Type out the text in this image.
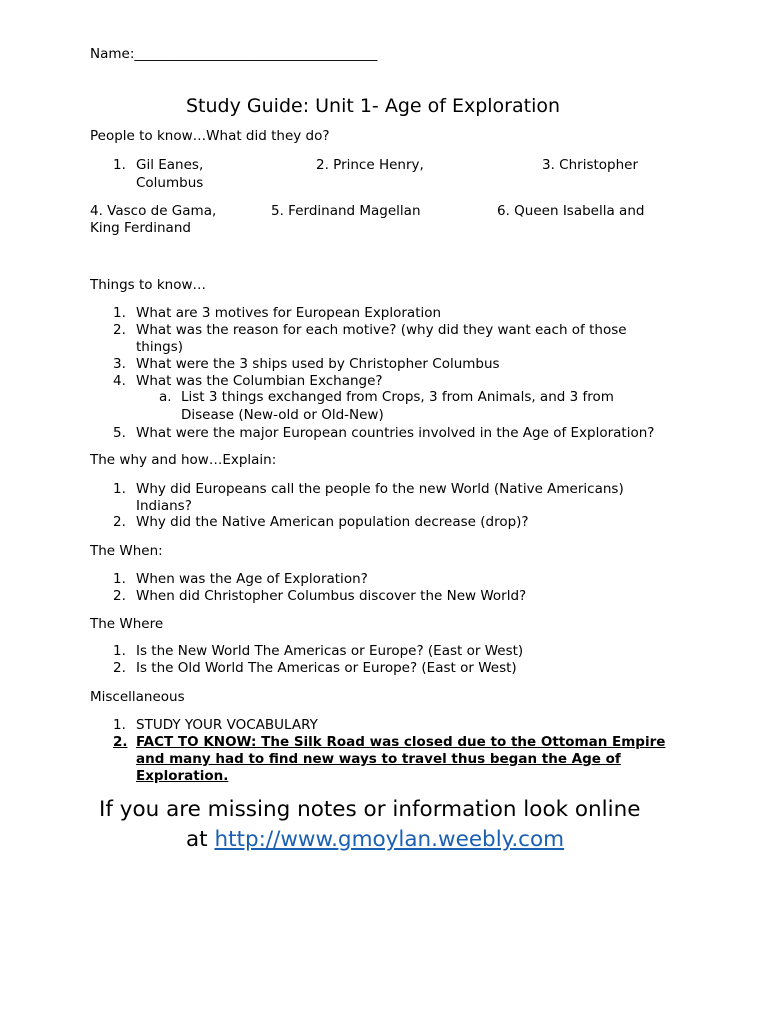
Name:____________________________________
Study Guide: Unit 1- Age of Exploration
People to know…What did they do?
1. Gil Eanes,	2. Prince Henry,	3. Christopher
Columbus
4. Vasco de Gama,	5. Ferdinand Magellan	6. Queen Isabella and
King Ferdinand
Things to know…
1. What are 3 motives for European Exploration
2. What was the reason for each motive? (why did they want each of those
things)
3. What were the 3 ships used by Christopher Columbus
4. What was the Columbian Exchange?
a. List 3 things exchanged from Crops, 3 from Animals, and 3 from
Disease (New-old or Old-New)
5. What were the major European countries involved in the Age of Exploration?
The why and how…Explain:
1. Why did Europeans call the people fo the new World (Native Americans)
Indians?
2. Why did the Native American population decrease (drop)?
The When:
1. When was the Age of Exploration?
2. When did Christopher Columbus discover the New World?
The Where
1. Is the New World The Americas or Europe? (East or West)
2. Is the Old World The Americas or Europe? (East or West)
Miscellaneous
1. STUDY YOUR VOCABULARY
2. FACT TO KNOW: The Silk Road was closed due to the Ottoman Empire
and many had to find new ways to travel thus began the Age of
Exploration.
If you are missing notes or information look online
at http://www.gmoylan.weebly.com
